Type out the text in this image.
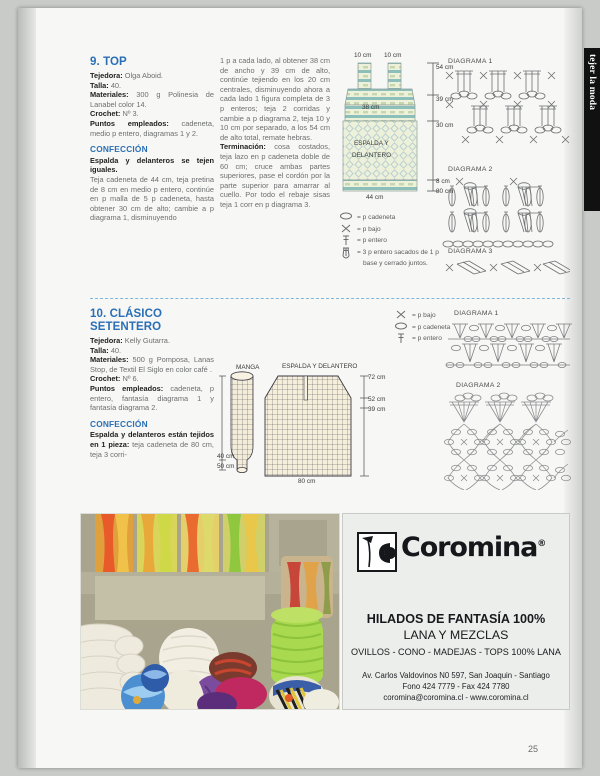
tejer la moda
9. TOP
Tejedora: Olga Aboid.
Talla: 40.
Materiales: 300 g Polinesia de Lanabel color 14.
Crochet: Nº 3.
Puntos empleados: cadeneta, medio p entero, diagramas 1 y 2.
CONFECCIÓN
Espalda y delanteros se tejen iguales.
Teja cadeneta de 44 cm, teja pretina de 8 cm en medio p entero, continúe en p malla de 5 p cadeneta, hasta obtener 30 cm de alto; cambie a p diagrama 1, disminuyendo
1 p a cada lado, al obtener 38 cm de ancho y 39 cm de alto, continúe tejiendo en los 20 cm centrales, disminuyendo ahora a cada lado 1 figura completa de 3 p enteros; teja 2 corridas y cambie a p diagrama 2, teja 10 y 10 cm por separado, a los 54 cm de alto total, remate hebras.
Terminación: cosa costados, teja lazo en p cadeneta doble de 60 cm; cruce ambas partes superiores, pase el cordón por la parte superior para amarrar al cuello. Por todo el rebaje sisas teja 1 corr en p diagrama 3.
10 cm 10 cm
38 cm
ESPALDA Y
DELANTERO
44 cm
54 cm
39 cm
30 cm
8 cm
80 cm
= p cadeneta
= p bajo
= p entero
= 3 p entero sacados de 1 p
base y cerrado juntos.
DIAGRAMA 1
DIAGRAMA 2
DIAGRAMA 3
10. CLÁSICO
SETENTERO
Tejedora: Kelly Gutarra.
Talla: 40.
Materiales: 500 g Pomposa, Lanas Stop, de Textil El Siglo en color café .
Crochet: Nº 6.
Puntos empleados: cadeneta, p entero, fantasía diagrama 1 y fantasía diagrama 2.
CONFECCIÓN
Espalda y delanteros están tejidos en 1 pieza: teja cadeneta de 80 cm, teja 3 corri-
MANGA	ESPALDA Y DELANTERO
40 cm
50 cm
72 cm
52 cm
39 cm
80 cm
= p bajo
= p cadeneta
= p entero
DIAGRAMA 1
DIAGRAMA 2
Coromina®
HILADOS DE FANTASÍA 100%
LANA Y MEZCLAS
OVILLOS - CONO - MADEJAS - TOPS 100% LANA
Av. Carlos Valdovinos N0 597, San Joaquin - Santiago
Fono 424 7779 - Fax 424 7780
coromina@coromina.cl - www.coromina.cl
25
